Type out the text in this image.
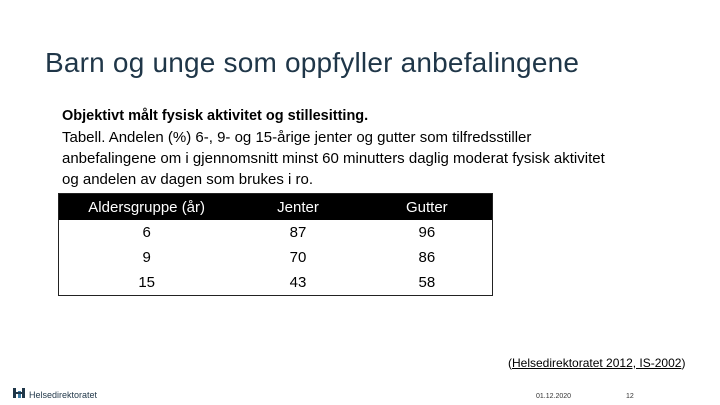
Barn og unge som oppfyller anbefalingene
Objektivt målt fysisk aktivitet og stillesitting.
Tabell. Andelen (%) 6-, 9- og 15-årige jenter og gutter som tilfredsstiller anbefalingene om i gjennomsnitt minst 60 minutters daglig moderat fysisk aktivitet og andelen av dagen som brukes i ro.
Aldersgruppe (år)	Jenter	Gutter
6	87	96
9	70	86
15	43	58
(Helsedirektoratet 2012, IS-2002)
Helsedirektoratet	01.12.2020	12
